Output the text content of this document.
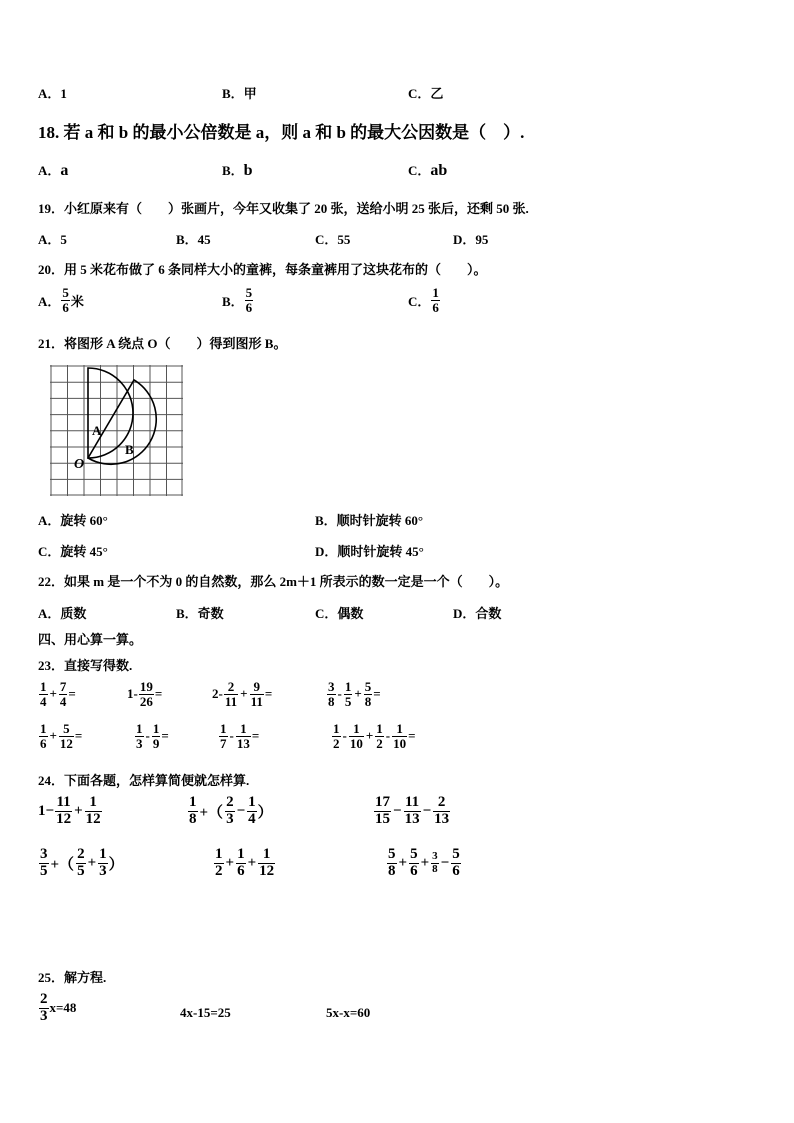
A．1	B．甲	C．乙
18. 若 a 和 b 的最小公倍数是 a，则 a 和 b 的最大公因数是（　）.
A．a	B．b	C．ab
19．小红原来有（　　）张画片，今年又收集了 20 张，送给小明 25 张后，还剩 50 张.
A．5	B．45	C．55	D．95
20．用 5 米花布做了 6 条同样大小的童裤，每条童裤用了这块花布的（　　）。
A． $\frac{5}{6}$ 米	B． $\frac{5}{6}$	C． $\frac{1}{6}$
21．将图形 A 绕点 O（　　）得到图形 B。
A
B
O
A．旋转 60°	B．顺时针旋转 60°
C．旋转 45°	D．顺时针旋转 45°
22．如果 m 是一个不为 0 的自然数，那么 2m＋1 所表示的数一定是一个（　　）。
A．质数	B．奇数	C．偶数	D．合数
四、用心算一算。
23．直接写得数.
$\frac{1}{4} + \frac{7}{4}$ =	$1- \frac{19}{26}$ =	$2- \frac{2}{11} + \frac{9}{11}$ =	$\frac{3}{8} - \frac{1}{5} + \frac{5}{8}$ =
$\frac{1}{6} + \frac{5}{12}$ =	$\frac{1}{3} - \frac{1}{9}$ =	$\frac{1}{7} - \frac{1}{13}$ =	$\frac{1}{2} - \frac{1}{10} + \frac{1}{2} - \frac{1}{10}$ =
24．下面各题，怎样算简便就怎样算.
$1- \frac{11}{12} + \frac{1}{12}$	$\frac{1}{8}$ +（ $\frac{2}{3} - \frac{1}{4}$ ）	$\frac{17}{15} - \frac{11}{13} - \frac{2}{13}$
$\frac{3}{5}$ +（ $\frac{2}{5} + \frac{1}{3}$ ）	$\frac{1}{2} + \frac{1}{6} + \frac{1}{12}$	$\frac{5}{8} + \frac{5}{6} + \frac{3}{8} - \frac{5}{6}$
25．解方程.
$\frac{2}{3} x=48$	4x-15=25	5x-x=60
